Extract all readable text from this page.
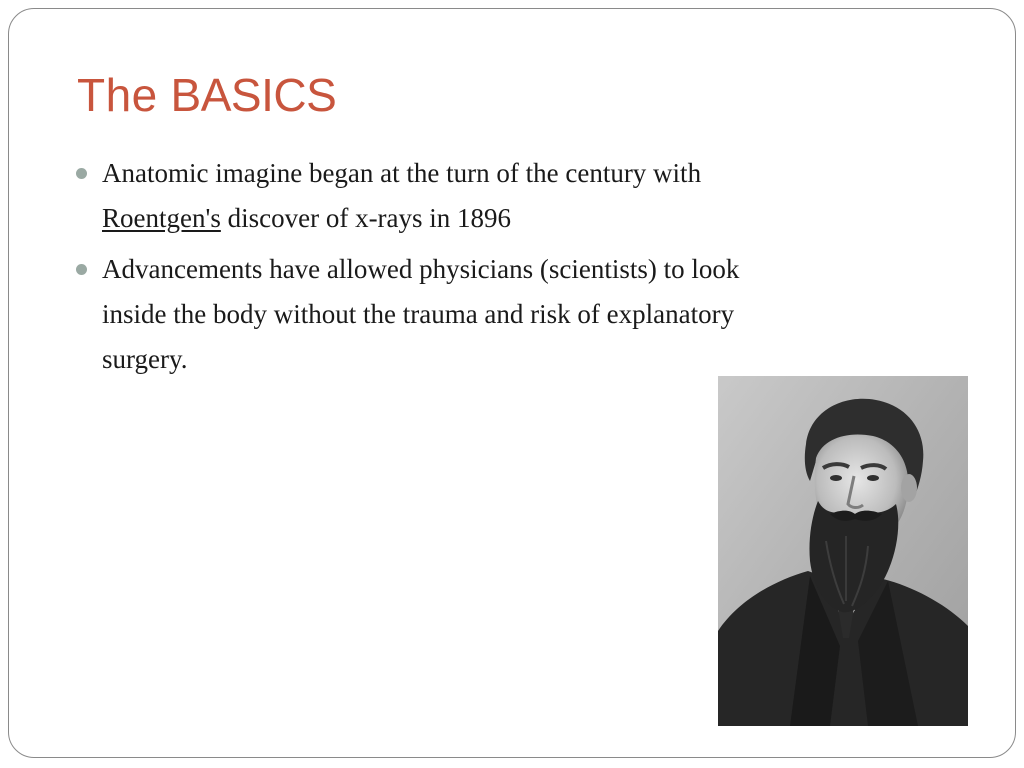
The BASICS
Anatomic imagine began at the turn of the century with Roentgen's discover of x-rays in 1896
Advancements have allowed physicians (scientists) to look inside the body without the trauma and risk of explanatory surgery.
